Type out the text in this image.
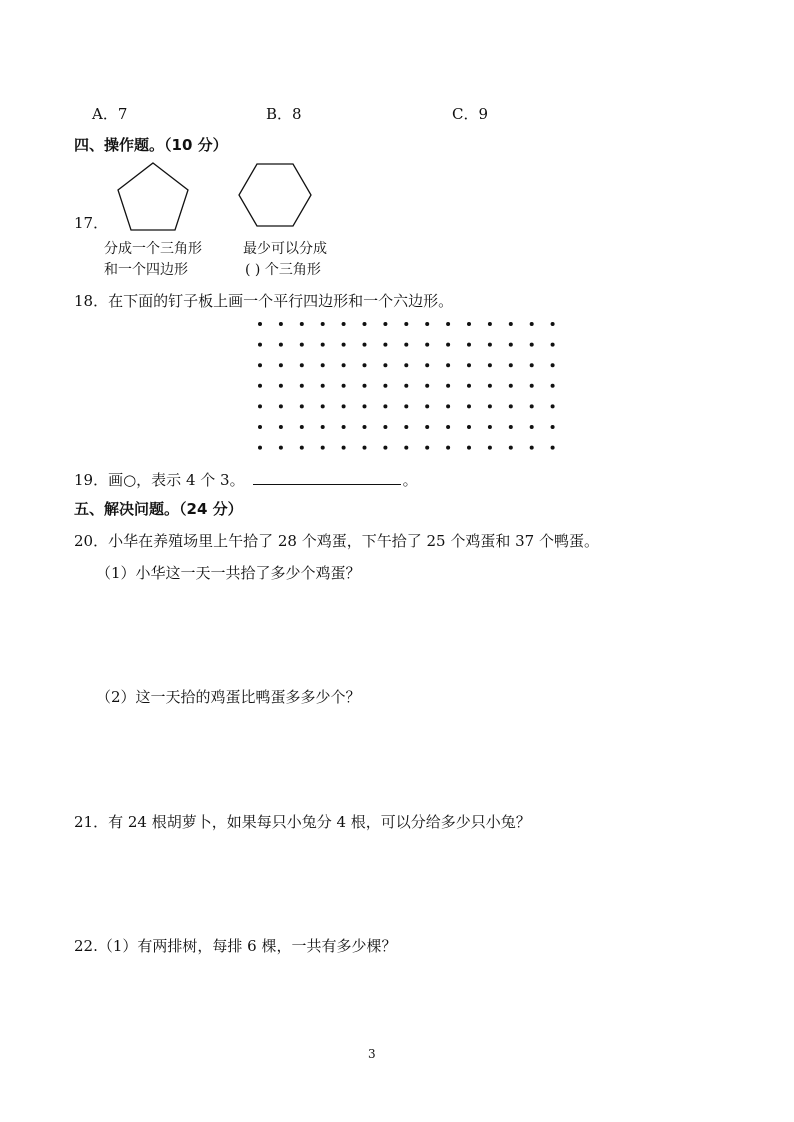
A．7	B．8	C．9
四、操作题。（10 分）
17．
分成一个三角形
和一个四边形
最少可以分成
( ) 个三角形
18．在下面的钉子板上画一个平行四边形和一个六边形。
19．画○，表示 4 个 3。	。
五、解决问题。（24 分）
20．小华在养殖场里上午拾了 28 个鸡蛋，下午拾了 25 个鸡蛋和 37 个鸭蛋。
（1）小华这一天一共拾了多少个鸡蛋？
（2）这一天拾的鸡蛋比鸭蛋多多少个？
21．有 24 根胡萝卜，如果每只小兔分 4 根，可以分给多少只小兔？
22.（1）有两排树，每排 6 棵，一共有多少棵？
3
